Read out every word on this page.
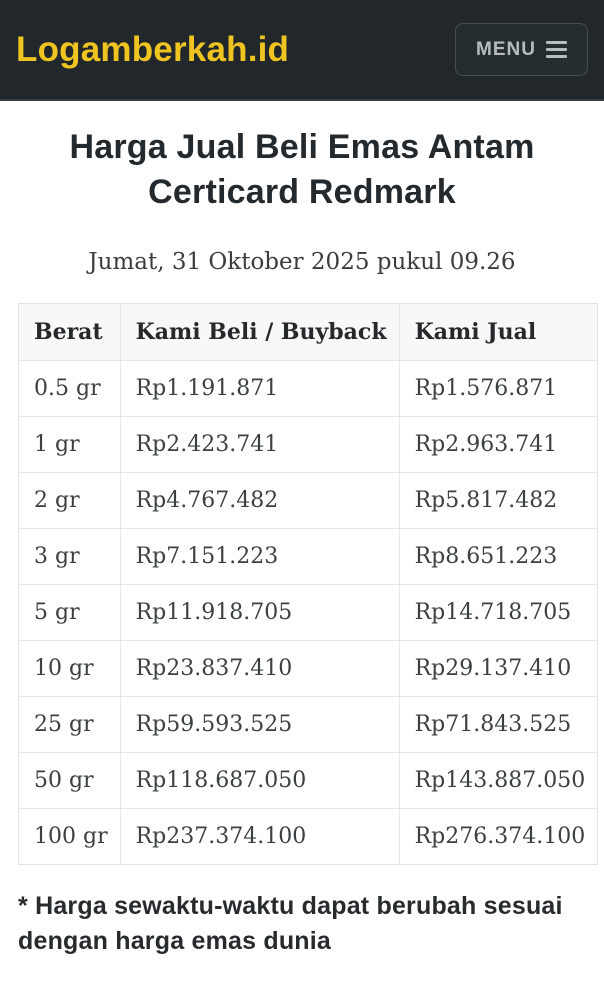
Logamberkah.id	MENU
Harga Jual Beli Emas Antam Certicard Redmark
Jumat, 31 Oktober 2025 pukul 09.26
Berat	Kami Beli / Buyback	Kami Jual
0.5 gr	Rp1.191.871	Rp1.576.871
1 gr	Rp2.423.741	Rp2.963.741
2 gr	Rp4.767.482	Rp5.817.482
3 gr	Rp7.151.223	Rp8.651.223
5 gr	Rp11.918.705	Rp14.718.705
10 gr	Rp23.837.410	Rp29.137.410
25 gr	Rp59.593.525	Rp71.843.525
50 gr	Rp118.687.050	Rp143.887.050
100 gr	Rp237.374.100	Rp276.374.100

* Harga sewaktu-waktu dapat berubah sesuai dengan harga emas dunia
